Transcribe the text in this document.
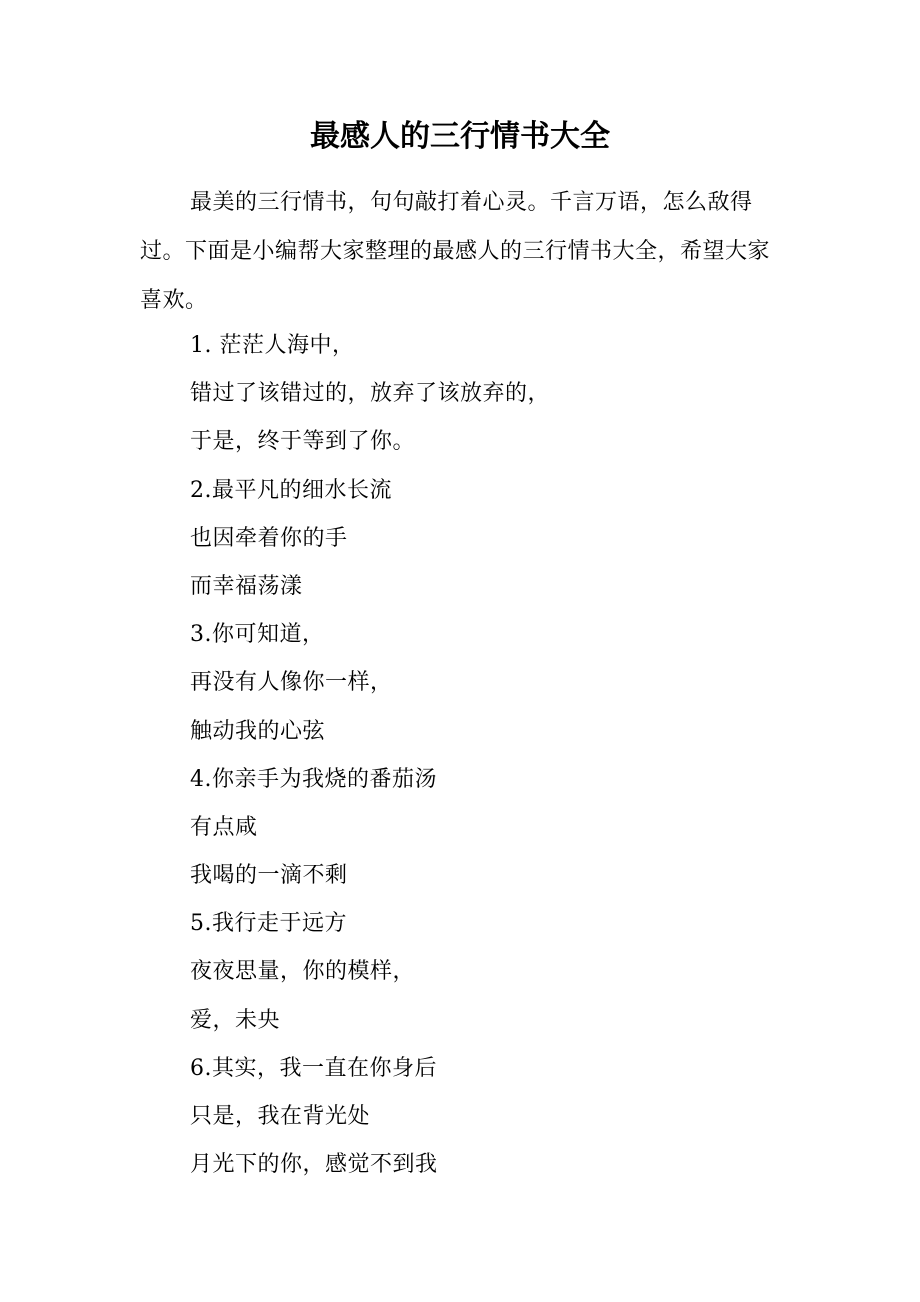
最感人的三行情书大全

最美的三行情书，句句敲打着心灵。千言万语，怎么敌得过。下面是小编帮大家整理的最感人的三行情书大全，希望大家喜欢。

1. 茫茫人海中，
错过了该错过的，放弃了该放弃的，
于是，终于等到了你。
2.最平凡的细水长流
也因牵着你的手
而幸福荡漾
3.你可知道，
再没有人像你一样，
触动我的心弦
4.你亲手为我烧的番茄汤
有点咸
我喝的一滴不剩
5.我行走于远方
夜夜思量，你的模样，
爱，未央
6.其实，我一直在你身后
只是，我在背光处
月光下的你，感觉不到我
